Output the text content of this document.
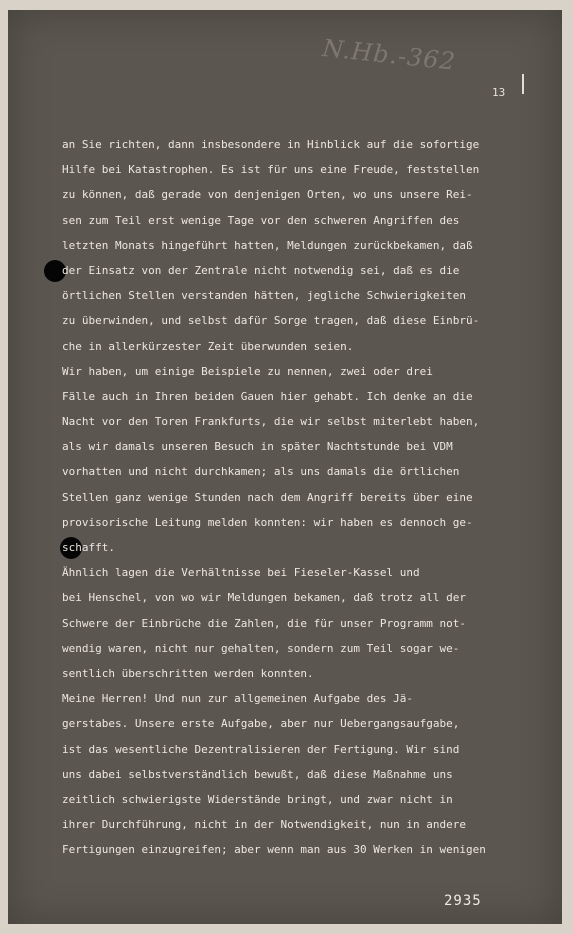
N.Hb.-362
13
an Sie richten, dann insbesondere in Hinblick auf die sofortige
Hilfe bei Katastrophen. Es ist für uns eine Freude, feststellen
zu können, daß gerade von denjenigen Orten, wo uns unsere Rei-
sen zum Teil erst wenige Tage vor den schweren Angriffen des
letzten Monats hingeführt hatten, Meldungen zurückbekamen, daß
der Einsatz von der Zentrale nicht notwendig sei, daß es die
örtlichen Stellen verstanden hätten, jegliche Schwierigkeiten
zu überwinden, und selbst dafür Sorge tragen, daß diese Einbrü-
che in allerkürzester Zeit überwunden seien.
Wir haben, um einige Beispiele zu nennen, zwei oder drei
Fälle auch in Ihren beiden Gauen hier gehabt. Ich denke an die
Nacht vor den Toren Frankfurts, die wir selbst miterlebt haben,
als wir damals unseren Besuch in später Nachtstunde bei VDM
vorhatten und nicht durchkamen; als uns damals die örtlichen
Stellen ganz wenige Stunden nach dem Angriff bereits über eine
provisorische Leitung melden konnten: wir haben es dennoch ge-
schafft.
Ähnlich lagen die Verhältnisse bei Fieseler-Kassel und
bei Henschel, von wo wir Meldungen bekamen, daß trotz all der
Schwere der Einbrüche die Zahlen, die für unser Programm not-
wendig waren, nicht nur gehalten, sondern zum Teil sogar we-
sentlich überschritten werden konnten.
Meine Herren! Und nun zur allgemeinen Aufgabe des Jä-
gerstabes. Unsere erste Aufgabe, aber nur Uebergangsaufgabe,
ist das wesentliche Dezentralisieren der Fertigung. Wir sind
uns dabei selbstverständlich bewußt, daß diese Maßnahme uns
zeitlich schwierigste Widerstände bringt, und zwar nicht in
ihrer Durchführung, nicht in der Notwendigkeit, nun in andere
Fertigungen einzugreifen; aber wenn man aus 30 Werken in wenigen
2935
